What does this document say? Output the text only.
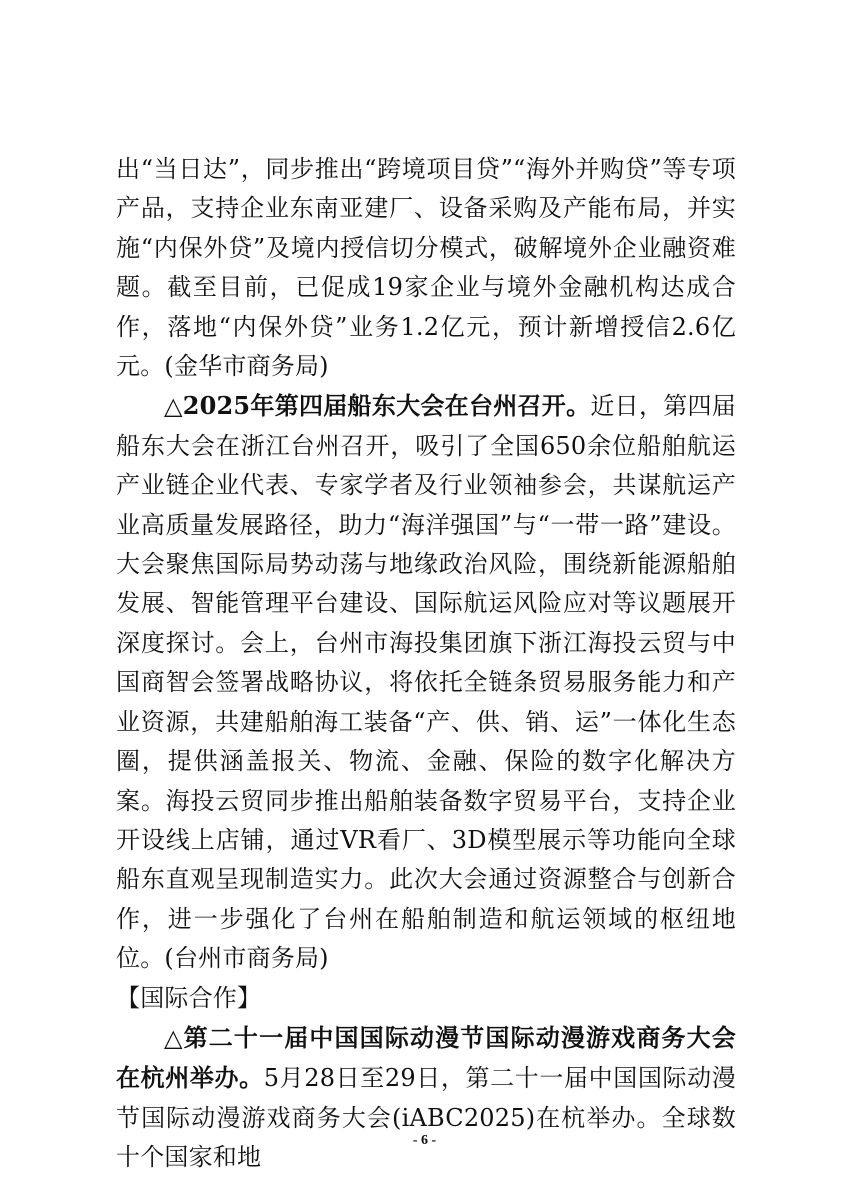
出“当日达”，同步推出“跨境项目贷”“海外并购贷”等专项产品，支持企业东南亚建厂、设备采购及产能布局，并实施“内保外贷”及境内授信切分模式，破解境外企业融资难题。截至目前，已促成19家企业与境外金融机构达成合作，落地“内保外贷”业务1.2亿元，预计新增授信2.6亿元。(金华市商务局)

△2025年第四届船东大会在台州召开。近日，第四届船东大会在浙江台州召开，吸引了全国650余位船舶航运产业链企业代表、专家学者及行业领袖参会，共谋航运产业高质量发展路径，助力“海洋强国”与“一带一路”建设。大会聚焦国际局势动荡与地缘政治风险，围绕新能源船舶发展、智能管理平台建设、国际航运风险应对等议题展开深度探讨。会上，台州市海投集团旗下浙江海投云贸与中国商智会签署战略协议，将依托全链条贸易服务能力和产业资源，共建船舶海工装备“产、供、销、运”一体化生态圈，提供涵盖报关、物流、金融、保险的数字化解决方案。海投云贸同步推出船舶装备数字贸易平台，支持企业开设线上店铺，通过VR看厂、3D模型展示等功能向全球船东直观呈现制造实力。此次大会通过资源整合与创新合作，进一步强化了台州在船舶制造和航运领域的枢纽地位。(台州市商务局)

【国际合作】

△第二十一届中国国际动漫节国际动漫游戏商务大会在杭州举办。5月28日至29日，第二十一届中国国际动漫节国际动漫游戏商务大会(iABC2025)在杭举办。全球数十个国家和地

- 6 -
